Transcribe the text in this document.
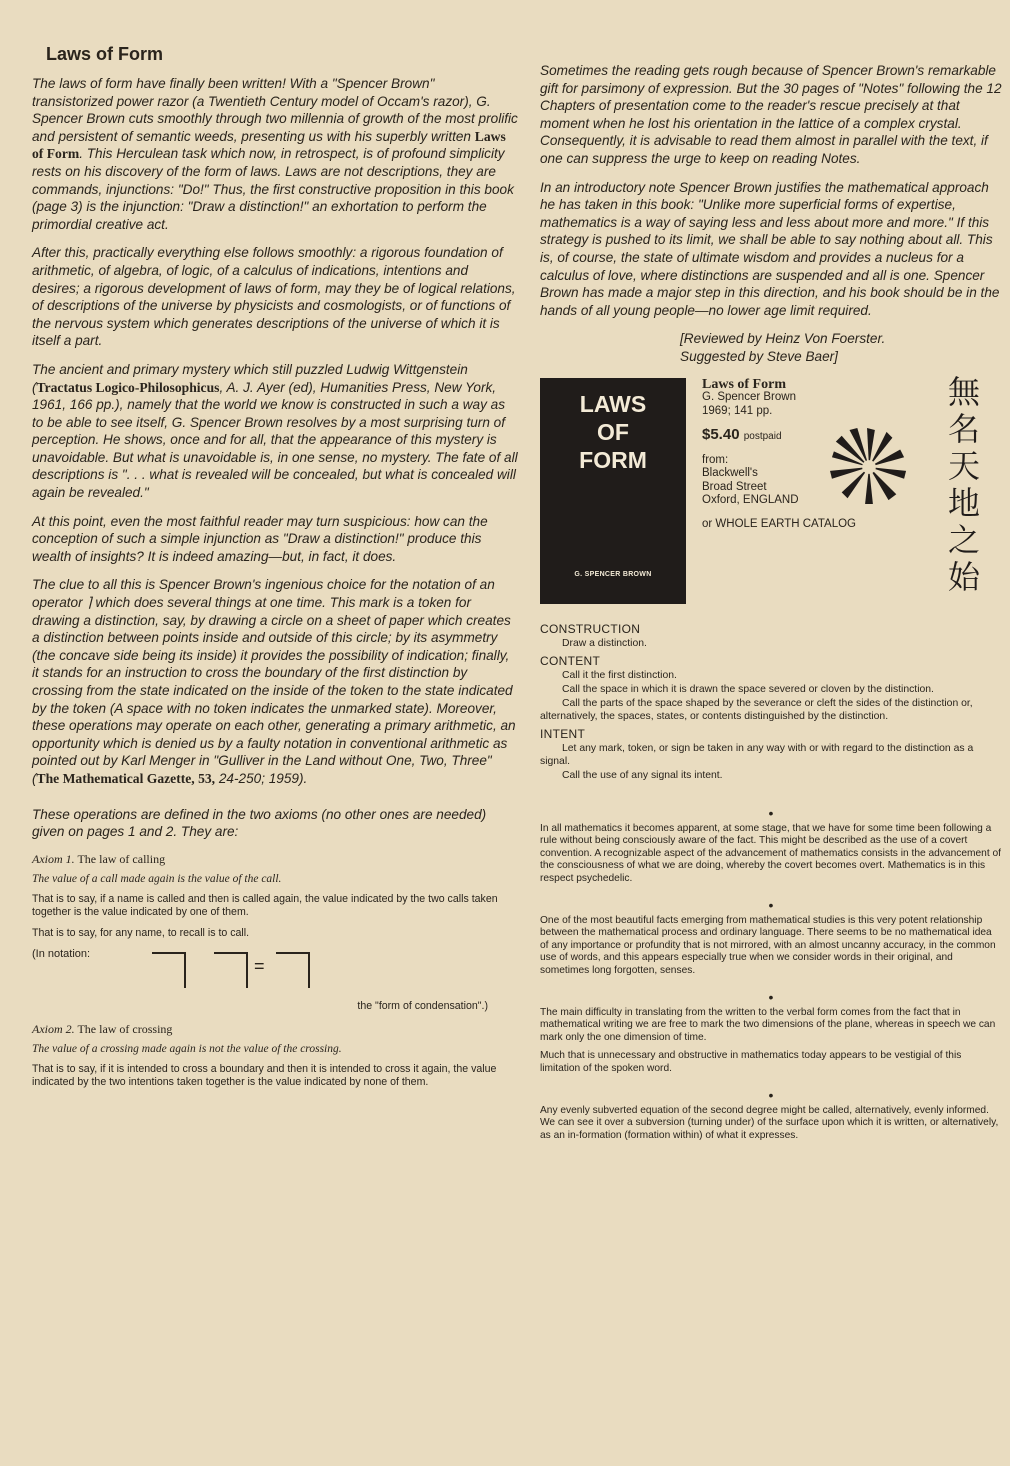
Laws of Form

The laws of form have finally been written! With a "Spencer Brown" transistorized power razor (a Twentieth Century model of Occam's razor), G. Spencer Brown cuts smoothly through two millennia of growth of the most prolific and persistent of semantic weeds, presenting us with his superbly written Laws of Form. This Herculean task which now, in retrospect, is of profound simplicity rests on his discovery of the form of laws. Laws are not descriptions, they are commands, injunctions: "Do!" Thus, the first constructive proposition in this book (page 3) is the injunction: "Draw a distinction!" an exhortation to perform the primordial creative act.

After this, practically everything else follows smoothly: a rigorous foundation of arithmetic, of algebra, of logic, of a calculus of indications, intentions and desires; a rigorous development of laws of form, may they be of logical relations, of descriptions of the universe by physicists and cosmologists, or of functions of the nervous system which generates descriptions of the universe of which it is itself a part.

The ancient and primary mystery which still puzzled Ludwig Wittgenstein (Tractatus Logico-Philosophicus, A. J. Ayer (ed), Humanities Press, New York, 1961, 166 pp.), namely that the world we know is constructed in such a way as to be able to see itself, G. Spencer Brown resolves by a most surprising turn of perception. He shows, once and for all, that the appearance of this mystery is unavoidable. But what is unavoidable is, in one sense, no mystery. The fate of all descriptions is ". . . what is revealed will be concealed, but what is concealed will again be revealed."

At this point, even the most faithful reader may turn suspicious: how can the conception of such a simple injunction as "Draw a distinction!" produce this wealth of insights? It is indeed amazing—but, in fact, it does.

The clue to all this is Spencer Brown's ingenious choice for the notation of an operator ⌉ which does several things at one time. This mark is a token for drawing a distinction, say, by drawing a circle on a sheet of paper which creates a distinction between points inside and outside of this circle; by its asymmetry (the concave side being its inside) it provides the possibility of indication; finally, it stands for an instruction to cross the boundary of the first distinction by crossing from the state indicated on the inside of the token to the state indicated by the token (A space with no token indicates the unmarked state). Moreover, these operations may operate on each other, generating a primary arithmetic, an opportunity which is denied us by a faulty notation in conventional arithmetic as pointed out by Karl Menger in "Gulliver in the Land without One, Two, Three" (The Mathematical Gazette, 53, 24-250; 1959).

These operations are defined in the two axioms (no other ones are needed) given on pages 1 and 2. They are:

Axiom 1. The law of calling
The value of a call made again is the value of the call.

That is to say, if a name is called and then is called again, the value indicated by the two calls taken together is the value indicated by one of them.

That is to say, for any name, to recall is to call.

(In notation:
=
the "form of condensation".)
Axiom 2. The law of crossing
The value of a crossing made again is not the value of the crossing.

That is to say, if it is intended to cross a boundary and then it is intended to cross it again, the value indicated by the two intentions taken together is the value indicated by none of them.

Sometimes the reading gets rough because of Spencer Brown's remarkable gift for parsimony of expression. But the 30 pages of "Notes" following the 12 Chapters of presentation come to the reader's rescue precisely at that moment when he lost his orientation in the lattice of a complex crystal. Consequently, it is advisable to read them almost in parallel with the text, if one can suppress the urge to keep on reading Notes.

In an introductory note Spencer Brown justifies the mathematical approach he has taken in this book: "Unlike more superficial forms of expertise, mathematics is a way of saying less and less about more and more." If this strategy is pushed to its limit, we shall be able to say nothing about all. This is, of course, the state of ultimate wisdom and provides a nucleus for a calculus of love, where distinctions are suspended and all is one. Spencer Brown has made a major step in this direction, and his book should be in the hands of all young people—no lower age limit required.

[Reviewed by Heinz Von Foerster.
Suggested by Steve Baer]
LAWS
OF
FORM
G. SPENCER BROWN
Laws of Form
G. Spencer Brown
1969; 141 pp.
$5.40 postpaid
from:
Blackwell's
Broad Street
Oxford, ENGLAND
or WHOLE EARTH CATALOG
無
名
天
地
之
始
CONSTRUCTION

Draw a distinction.

CONTENT

Call it the first distinction.

Call the space in which it is drawn the space severed or cloven by the distinction.

Call the parts of the space shaped by the severance or cleft the sides of the distinction or, alternatively, the spaces, states, or contents distinguished by the distinction.

INTENT

Let any mark, token, or sign be taken in any way with or with regard to the distinction as a signal.

Call the use of any signal its intent.

•

In all mathematics it becomes apparent, at some stage, that we have for some time been following a rule without being consciously aware of the fact. This might be described as the use of a covert convention. A recognizable aspect of the advancement of mathematics consists in the advancement of the consciousness of what we are doing, whereby the covert becomes overt. Mathematics is in this respect psychedelic.

•

One of the most beautiful facts emerging from mathematical studies is this very potent relationship between the mathematical process and ordinary language. There seems to be no mathematical idea of any importance or profundity that is not mirrored, with an almost uncanny accuracy, in the common use of words, and this appears especially true when we consider words in their original, and sometimes long forgotten, senses.

•

The main difficulty in translating from the written to the verbal form comes from the fact that in mathematical writing we are free to mark the two dimensions of the plane, whereas in speech we can mark only the one dimension of time.

Much that is unnecessary and obstructive in mathematics today appears to be vestigial of this limitation of the spoken word.

•

Any evenly subverted equation of the second degree might be called, alternatively, evenly informed. We can see it over a subversion (turning under) of the surface upon which it is written, or alternatively, as an in-formation (formation within) of what it expresses.
